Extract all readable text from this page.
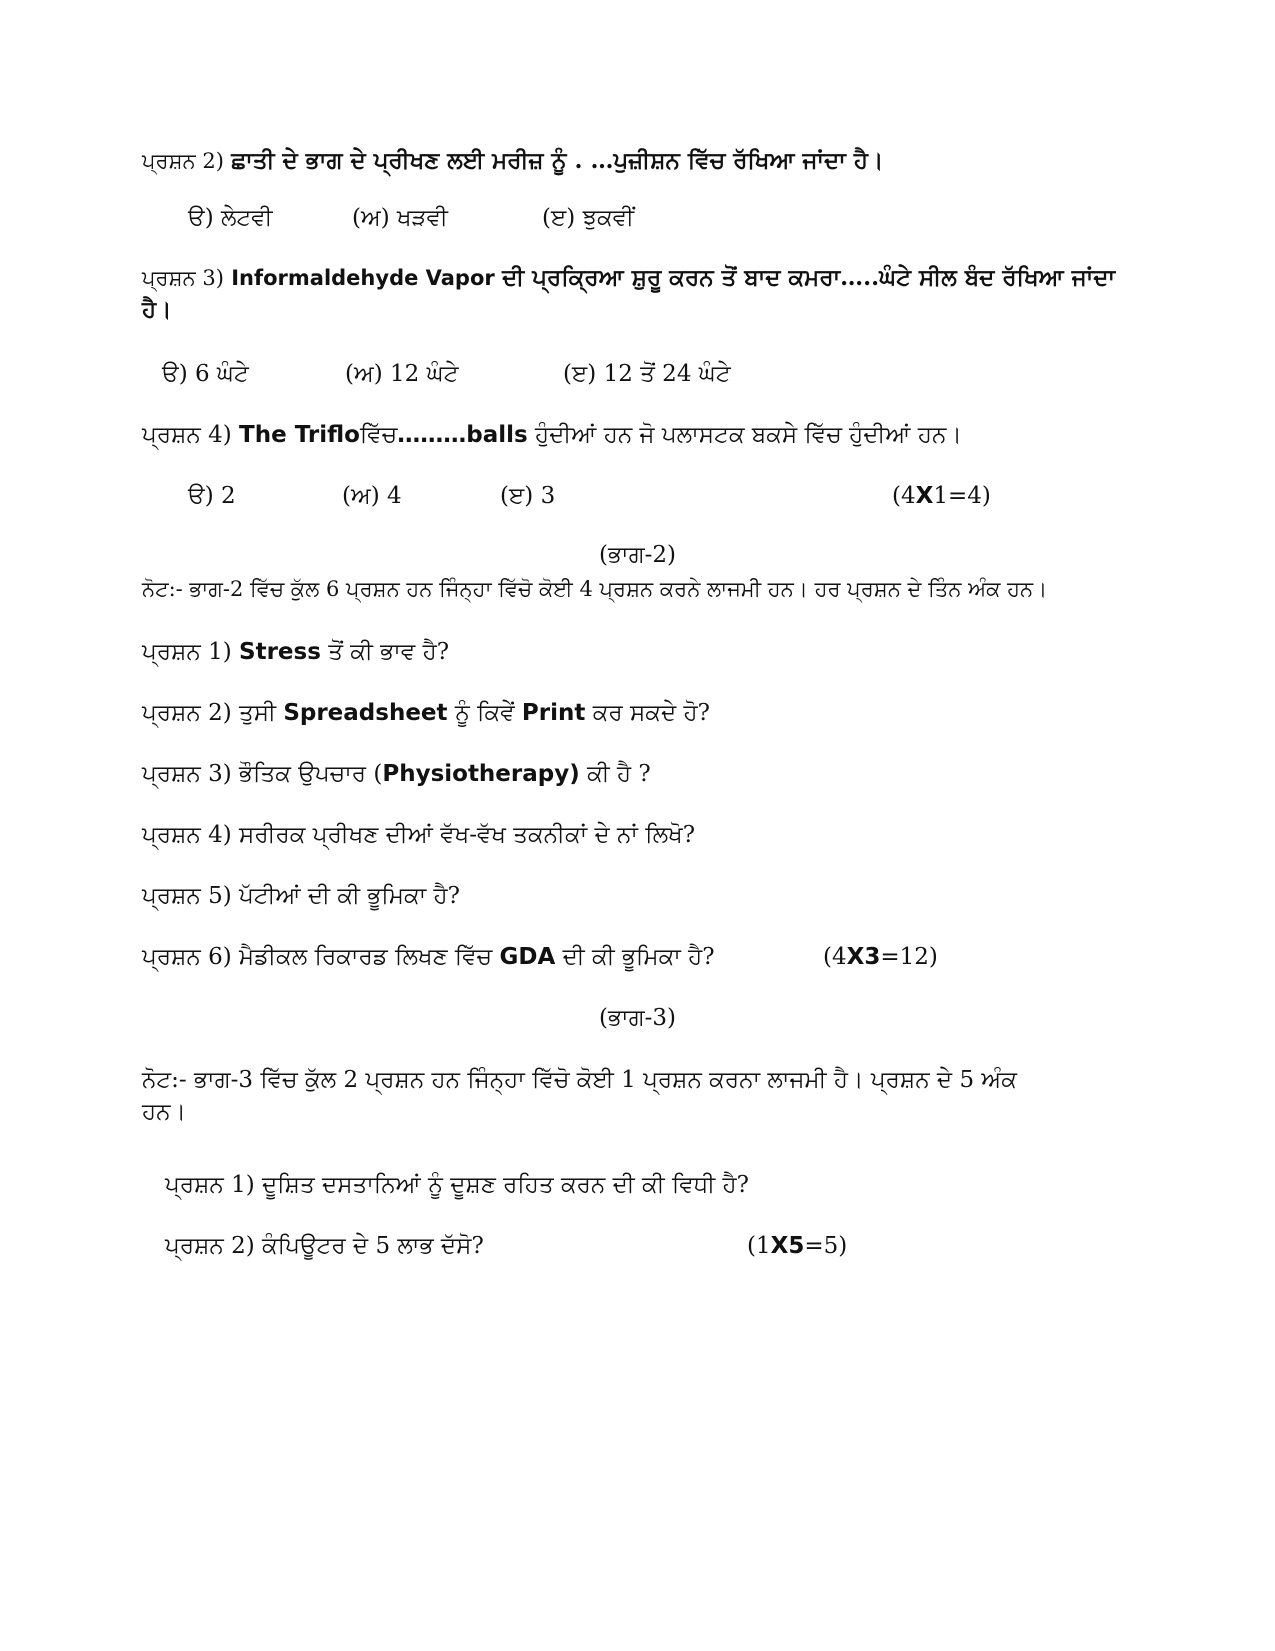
ਪ੍ਰਸ਼ਨ 2) ਛਾਤੀ ਦੇ ਭਾਗ ਦੇ ਪ੍ਰੀਖਣ ਲਈ ਮਰੀਜ਼ ਨੂੰ . …ਪੁਜ਼ੀਸ਼ਨ ਵਿੱਚ ਰੱਖਿਆ ਜਾਂਦਾ ਹੈ।
ੳ) ਲੇਟਵੀ	(ਅ) ਖੜਵੀ	(ੲ) ਝੁਕਵੀਂ
ਪ੍ਰਸ਼ਨ 3) Informaldehyde Vapor ਦੀ ਪ੍ਰਕ੍ਰਿਆ ਸ਼ੁਰੂ ਕਰਨ ਤੋਂ ਬਾਦ ਕਮਰਾ…..ਘੰਟੇ ਸੀਲ ਬੰਦ ਰੱਖਿਆ ਜਾਂਦਾ ਹੈ।
ੳ) 6 ਘੰਟੇ	(ਅ) 12 ਘੰਟੇ	(ੲ) 12 ਤੋਂ 24 ਘੰਟੇ
ਪ੍ਰਸ਼ਨ 4) The Trifloਵਿੱਚ………balls ਹੁੰਦੀਆਂ ਹਨ ਜੋ ਪਲਾਸਟਕ ਬਕਸੇ ਵਿੱਚ ਹੁੰਦੀਆਂ ਹਨ।
ੳ) 2	(ਅ) 4	(ੲ) 3	(4X1=4)
(ਭਾਗ-2)
ਨੋਟ:- ਭਾਗ-2 ਵਿੱਚ ਕੁੱਲ 6 ਪ੍ਰਸ਼ਨ ਹਨ ਜਿੰਨ੍ਹਾ ਵਿੱਚੋ ਕੋਈ 4 ਪ੍ਰਸ਼ਨ ਕਰਨੇ ਲਾਜਮੀ ਹਨ। ਹਰ ਪ੍ਰਸ਼ਨ ਦੇ ਤਿੰਨ ਅੰਕ ਹਨ।
ਪ੍ਰਸ਼ਨ 1) Stress ਤੋਂ ਕੀ ਭਾਵ ਹੈ?
ਪ੍ਰਸ਼ਨ 2) ਤੁਸੀ Spreadsheet ਨੂੰ ਕਿਵੇਂ Print ਕਰ ਸਕਦੇ ਹੋ?
ਪ੍ਰਸ਼ਨ 3) ਭੌਤਿਕ ਉਪਚਾਰ (Physiotherapy) ਕੀ ਹੈ ?
ਪ੍ਰਸ਼ਨ 4) ਸਰੀਰਕ ਪ੍ਰੀਖਣ ਦੀਆਂ ਵੱਖ-ਵੱਖ ਤਕਨੀਕਾਂ ਦੇ ਨਾਂ ਲਿਖੋ?
ਪ੍ਰਸ਼ਨ 5) ਪੱਟੀਆਂ ਦੀ ਕੀ ਭੂਮਿਕਾ ਹੈ?
ਪ੍ਰਸ਼ਨ 6) ਮੈਡੀਕਲ ਰਿਕਾਰਡ ਲਿਖਣ ਵਿੱਚ GDA ਦੀ ਕੀ ਭੂਮਿਕਾ ਹੈ?	(4X3=12)
(ਭਾਗ-3)
ਨੋਟ:- ਭਾਗ-3 ਵਿੱਚ ਕੁੱਲ 2 ਪ੍ਰਸ਼ਨ ਹਨ ਜਿੰਨ੍ਹਾ ਵਿੱਚੋ ਕੋਈ 1 ਪ੍ਰਸ਼ਨ ਕਰਨਾ ਲਾਜਮੀ ਹੈ। ਪ੍ਰਸ਼ਨ ਦੇ 5 ਅੰਕ ਹਨ।
ਪ੍ਰਸ਼ਨ 1) ਦੂਸ਼ਿਤ ਦਸਤਾਨਿਆਂ ਨੂੰ ਦੂਸ਼ਣ ਰਹਿਤ ਕਰਨ ਦੀ ਕੀ ਵਿਧੀ ਹੈ?
ਪ੍ਰਸ਼ਨ 2) ਕੰਪਿਊਟਰ ਦੇ 5 ਲਾਭ ਦੱਸੋ?	(1X5=5)
